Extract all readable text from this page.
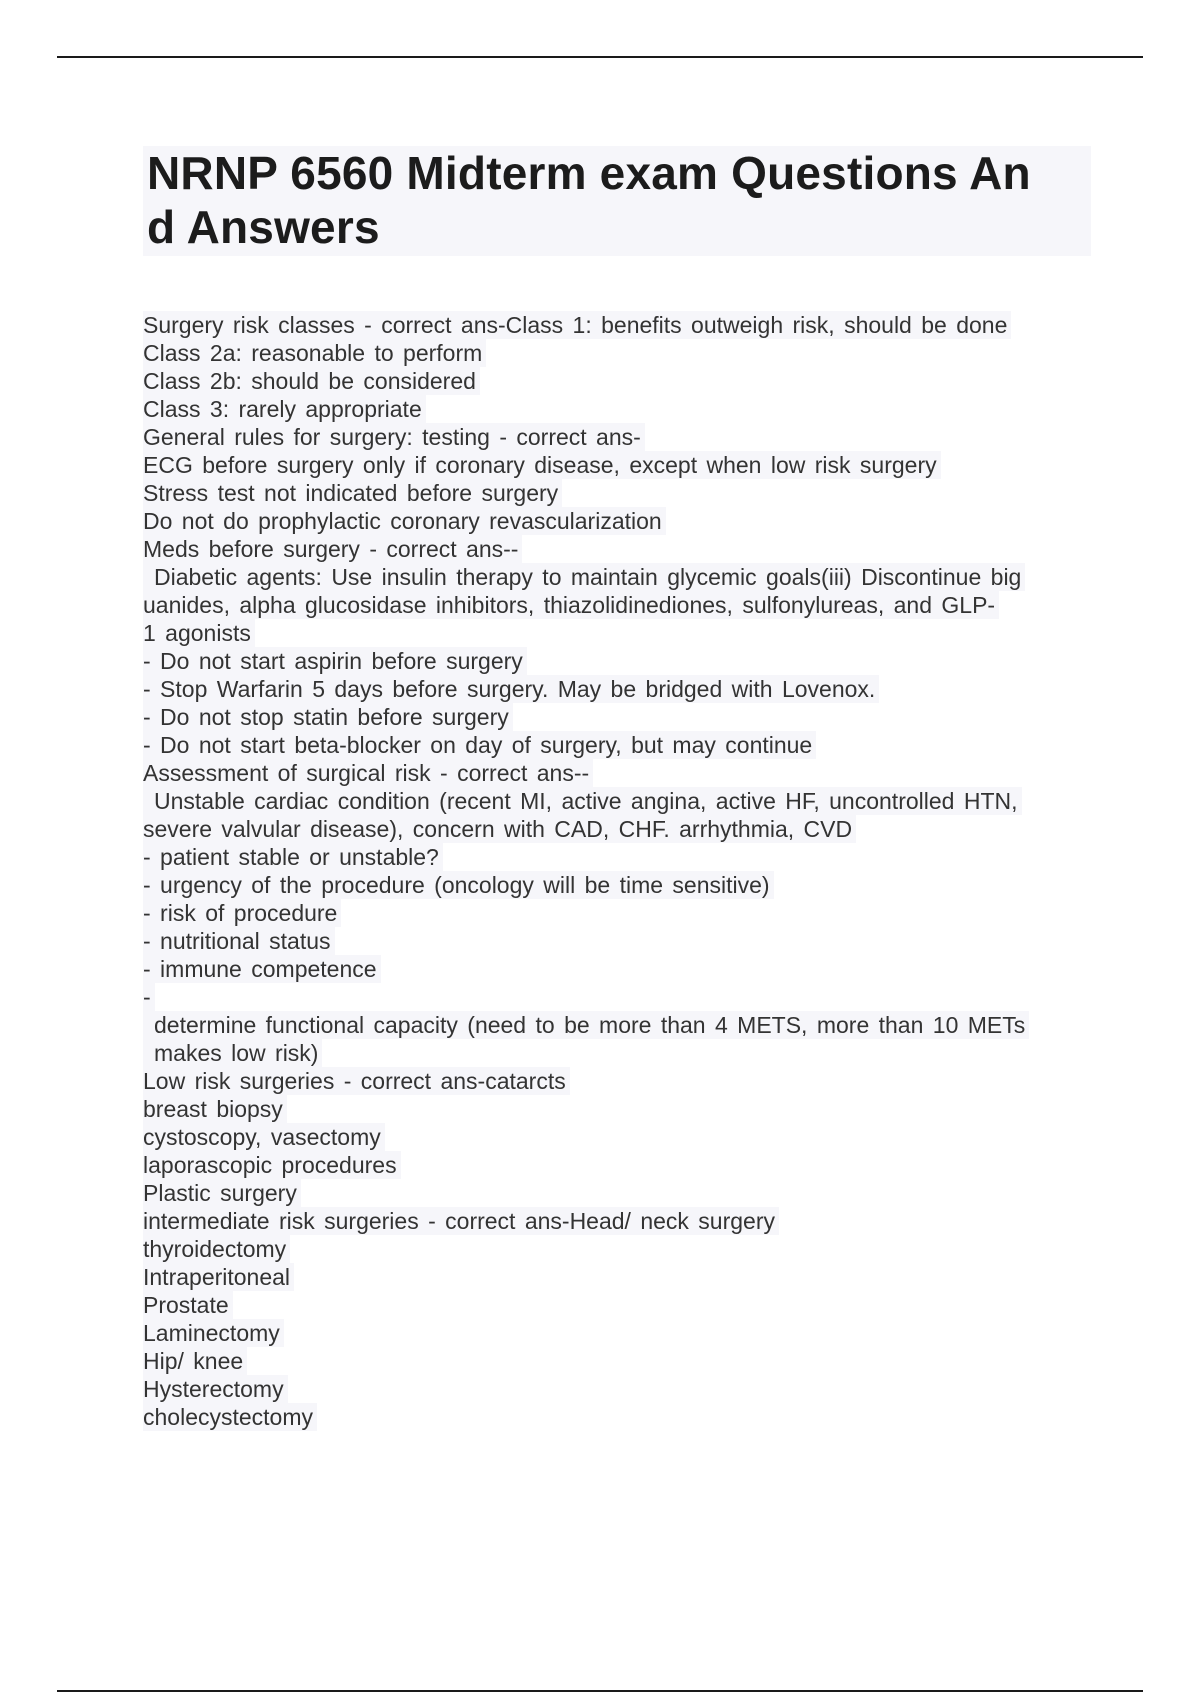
NRNP 6560 Midterm exam Questions An
d Answers
Surgery risk classes - correct ans-Class 1: benefits outweigh risk, should be done
Class 2a: reasonable to perform
Class 2b: should be considered
Class 3: rarely appropriate
General rules for surgery: testing - correct ans-
ECG before surgery only if coronary disease, except when low risk surgery
Stress test not indicated before surgery
Do not do prophylactic coronary revascularization
Meds before surgery - correct ans--
Diabetic agents: Use insulin therapy to maintain glycemic goals(iii) Discontinue big
uanides, alpha glucosidase inhibitors, thiazolidinediones, sulfonylureas, and GLP-
1 agonists
- Do not start aspirin before surgery
- Stop Warfarin 5 days before surgery. May be bridged with Lovenox.
- Do not stop statin before surgery
- Do not start beta-blocker on day of surgery, but may continue
Assessment of surgical risk - correct ans--
Unstable cardiac condition (recent MI, active angina, active HF, uncontrolled HTN,
severe valvular disease), concern with CAD, CHF. arrhythmia, CVD
- patient stable or unstable?
- urgency of the procedure (oncology will be time sensitive)
- risk of procedure
- nutritional status
- immune competence
-
determine functional capacity (need to be more than 4 METS, more than 10 METs
makes low risk)
Low risk surgeries - correct ans-catarcts
breast biopsy
cystoscopy, vasectomy
laporascopic procedures
Plastic surgery
intermediate risk surgeries - correct ans-Head/ neck surgery
thyroidectomy
Intraperitoneal
Prostate
Laminectomy
Hip/ knee
Hysterectomy
cholecystectomy
